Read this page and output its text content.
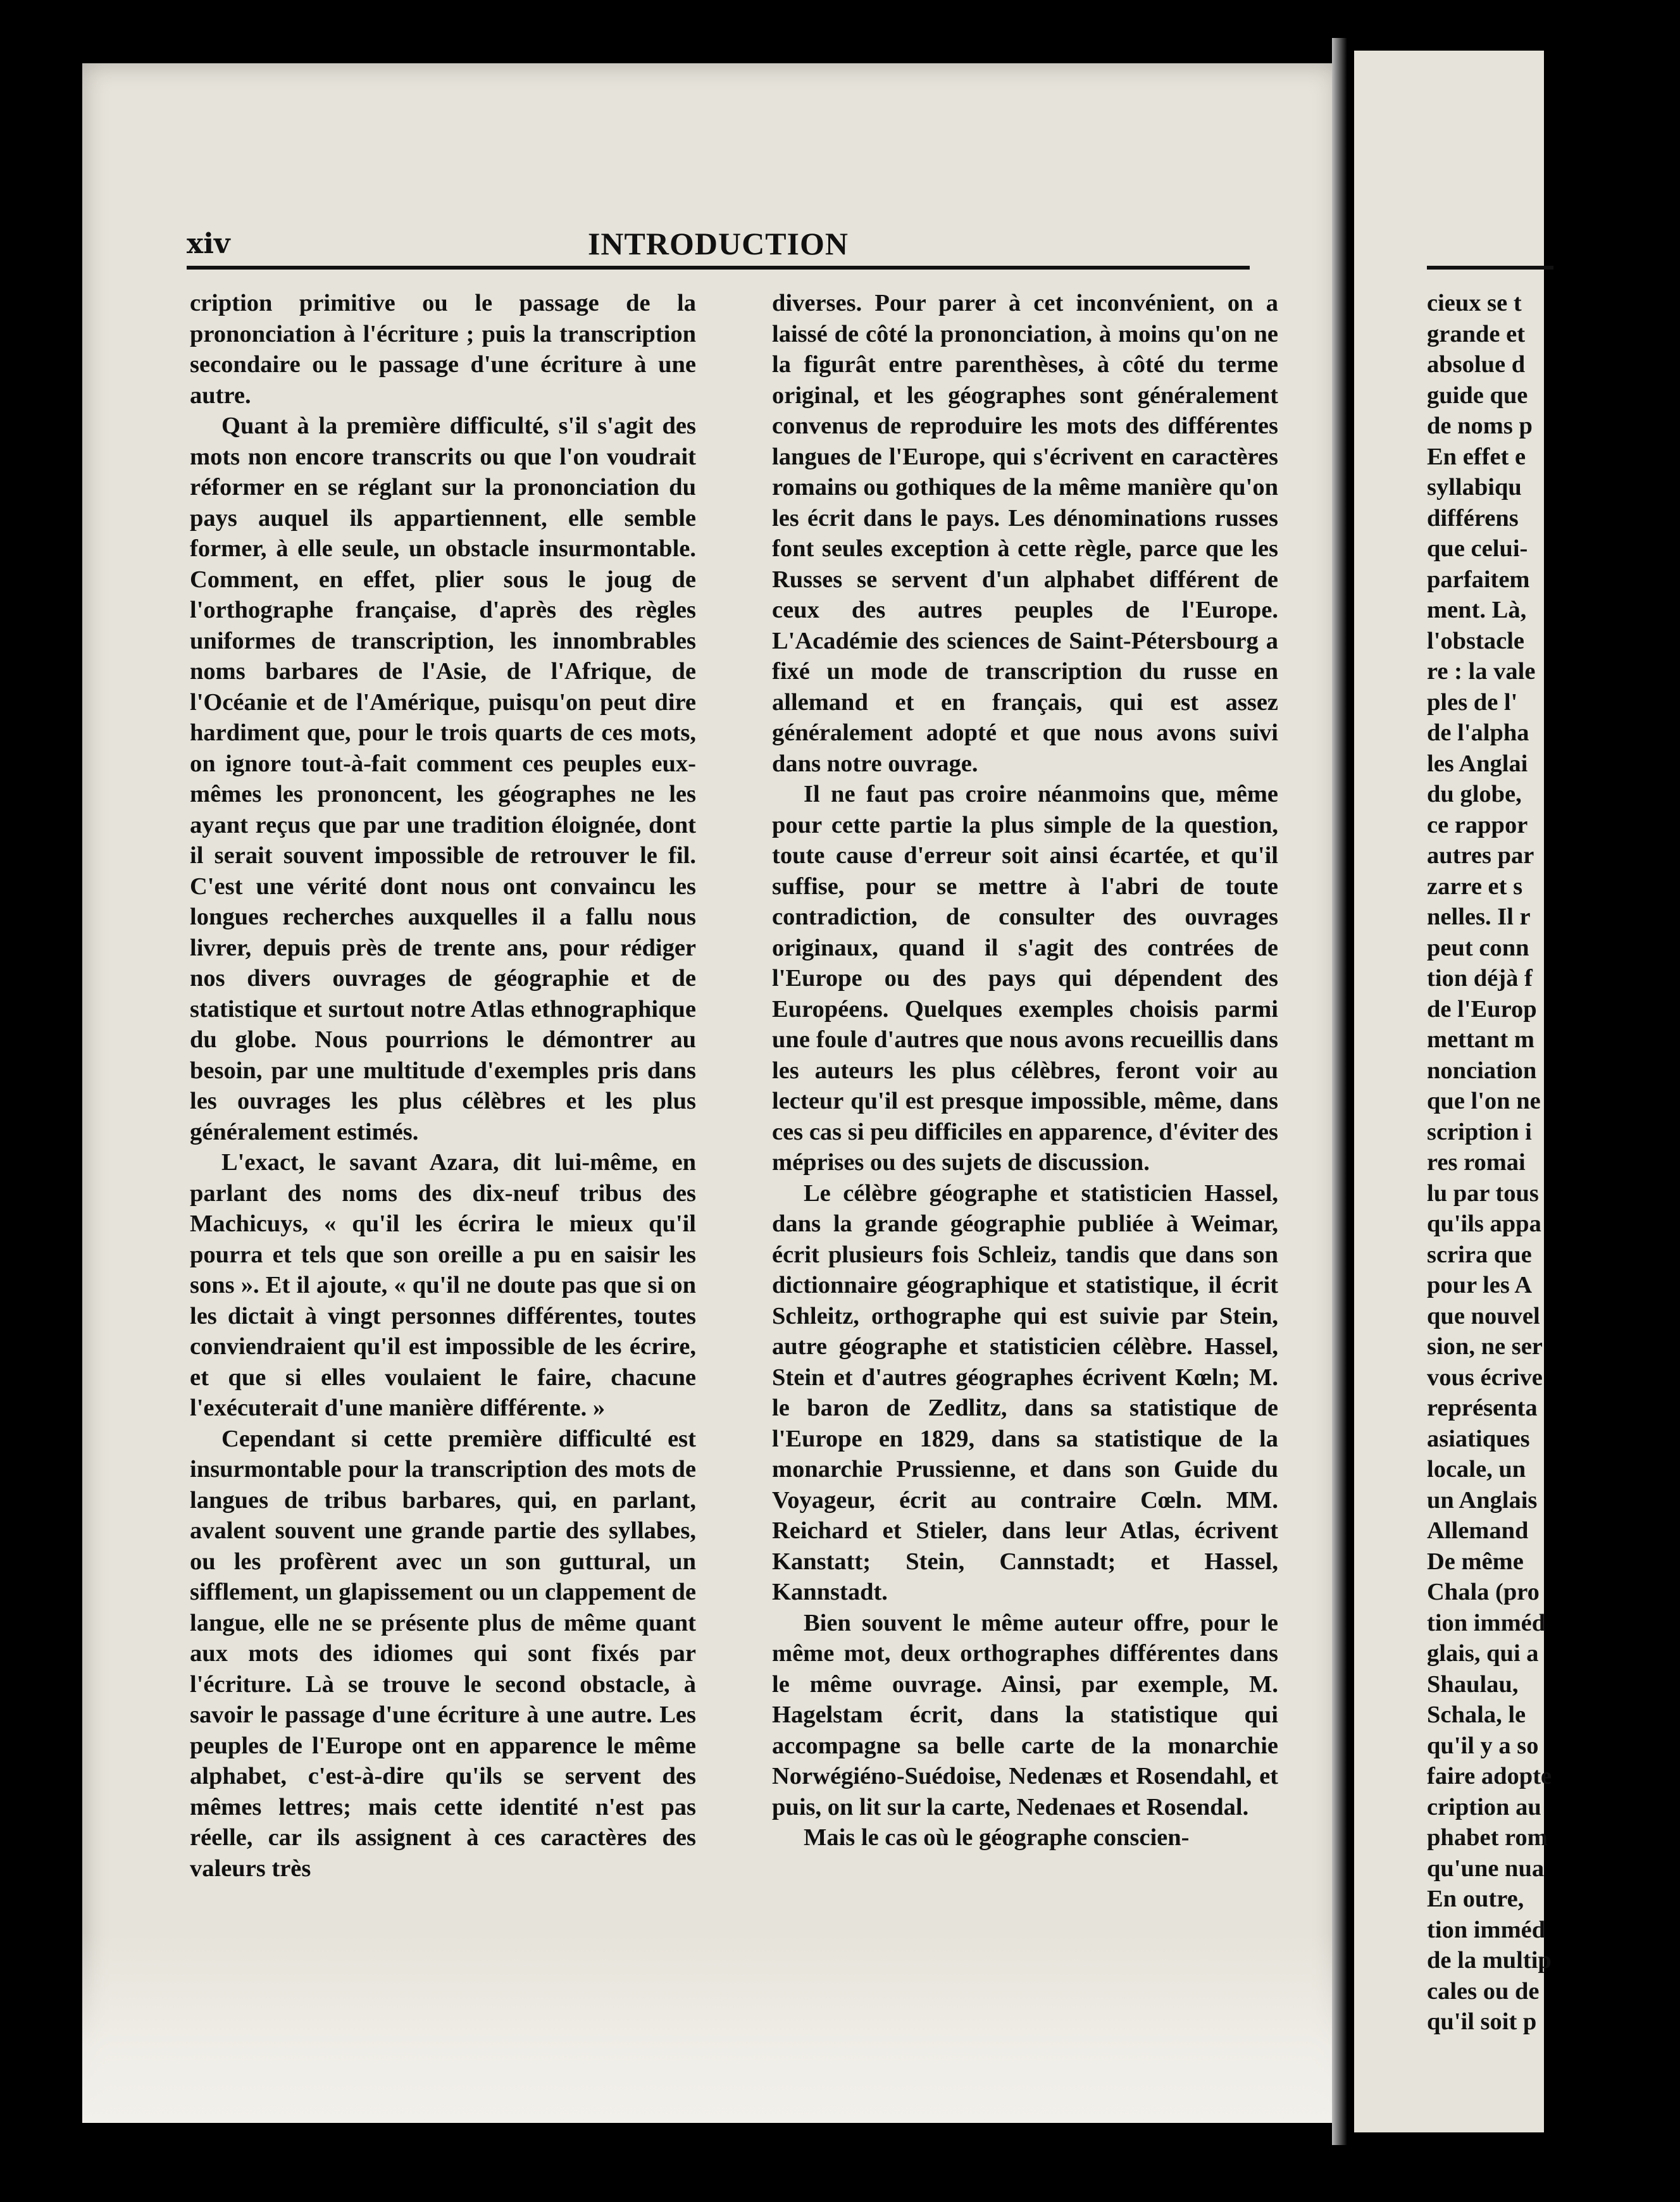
xiv	INTRODUCTION

cription primitive ou le passage de la prononciation à l'écriture ; puis la transcription secondaire ou le passage d'une écriture à une autre.

Quant à la première difficulté, s'il s'agit des mots non encore transcrits ou que l'on voudrait réformer en se réglant sur la prononciation du pays auquel ils appartiennent, elle semble former, à elle seule, un obstacle insurmontable. Comment, en effet, plier sous le joug de l'orthographe française, d'après des règles uniformes de transcription, les innombrables noms barbares de l'Asie, de l'Afrique, de l'Océanie et de l'Amérique, puisqu'on peut dire hardiment que, pour le trois quarts de ces mots, on ignore tout-à-fait comment ces peuples eux-mêmes les prononcent, les géographes ne les ayant reçus que par une tradition éloignée, dont il serait souvent impossible de retrouver le fil. C'est une vérité dont nous ont convaincu les longues recherches auxquelles il a fallu nous livrer, depuis près de trente ans, pour rédiger nos divers ouvrages de géographie et de statistique et surtout notre Atlas ethnographique du globe. Nous pourrions le démontrer au besoin, par une multitude d'exemples pris dans les ouvrages les plus célèbres et les plus généralement estimés.

L'exact, le savant Azara, dit lui-même, en parlant des noms des dix-neuf tribus des Machicuys, « qu'il les écrira le mieux qu'il pourra et tels que son oreille a pu en saisir les sons ». Et il ajoute, « qu'il ne doute pas que si on les dictait à vingt personnes différentes, toutes conviendraient qu'il est impossible de les écrire, et que si elles voulaient le faire, chacune l'exécuterait d'une manière différente. »

Cependant si cette première difficulté est insurmontable pour la transcription des mots de langues de tribus barbares, qui, en parlant, avalent souvent une grande partie des syllabes, ou les profèrent avec un son guttural, un sifflement, un glapissement ou un clappement de langue, elle ne se présente plus de même quant aux mots des idiomes qui sont fixés par l'écriture. Là se trouve le second obstacle, à savoir le passage d'une écriture à une autre. Les peuples de l'Europe ont en apparence le même alphabet, c'est-à-dire qu'ils se servent des mêmes lettres; mais cette identité n'est pas réelle, car ils assignent à ces caractères des valeurs très

diverses. Pour parer à cet inconvénient, on a laissé de côté la prononciation, à moins qu'on ne la figurât entre parenthèses, à côté du terme original, et les géographes sont généralement convenus de reproduire les mots des différentes langues de l'Europe, qui s'écrivent en caractères romains ou gothiques de la même manière qu'on les écrit dans le pays. Les dénominations russes font seules exception à cette règle, parce que les Russes se servent d'un alphabet différent de ceux des autres peuples de l'Europe. L'Académie des sciences de Saint-Pétersbourg a fixé un mode de transcription du russe en allemand et en français, qui est assez généralement adopté et que nous avons suivi dans notre ouvrage.

Il ne faut pas croire néanmoins que, même pour cette partie la plus simple de la question, toute cause d'erreur soit ainsi écartée, et qu'il suffise, pour se mettre à l'abri de toute contradiction, de consulter des ouvrages originaux, quand il s'agit des contrées de l'Europe ou des pays qui dépendent des Européens. Quelques exemples choisis parmi une foule d'autres que nous avons recueillis dans les auteurs les plus célèbres, feront voir au lecteur qu'il est presque impossible, même, dans ces cas si peu difficiles en apparence, d'éviter des méprises ou des sujets de discussion.

Le célèbre géographe et statisticien Hassel, dans la grande géographie publiée à Weimar, écrit plusieurs fois Schleiz, tandis que dans son dictionnaire géographique et statistique, il écrit Schleitz, orthographe qui est suivie par Stein, autre géographe et statisticien célèbre. Hassel, Stein et d'autres géographes écrivent Kœln; M. le baron de Zedlitz, dans sa statistique de l'Europe en 1829, dans sa statistique de la monarchie Prussienne, et dans son Guide du Voyageur, écrit au contraire Cœln. MM. Reichard et Stieler, dans leur Atlas, écrivent Kanstatt; Stein, Cannstadt; et Hassel, Kannstadt.

Bien souvent le même auteur offre, pour le même mot, deux orthographes différentes dans le même ouvrage. Ainsi, par exemple, M. Hagelstam écrit, dans la statistique qui accompagne sa belle carte de la monarchie Norwégiéno-Suédoise, Nedenæs et Rosendahl, et puis, on lit sur la carte, Nedenaes et Rosendal.

Mais le cas où le géographe conscien-

cieux se t
grande et
absolue d
guide que
de noms p
En effet e
syllabiqu
différens
que celui-
parfaitem
ment. Là,
l'obstacle
re : la vale
ples de l'
de l'alpha
les Anglai
du globe,
ce rappor
autres par
zarre et s
nelles. Il r
peut conn
tion déjà f
de l'Europ
mettant m
nonciation
que l'on ne
scription i
res romai
lu par tous
qu'ils appa
scrira que
pour les A
que nouvel
sion, ne ser
vous écrive
représenta
asiatiques
locale, un
un Anglais
Allemand
De même
Chala (pro
tion imméd
glais, qui a
Shaulau,
Schala, le
qu'il y a so
faire adopte
cription au
phabet rom
qu'une nua
En outre,
tion imméd
de la multip
cales ou de
qu'il soit p
